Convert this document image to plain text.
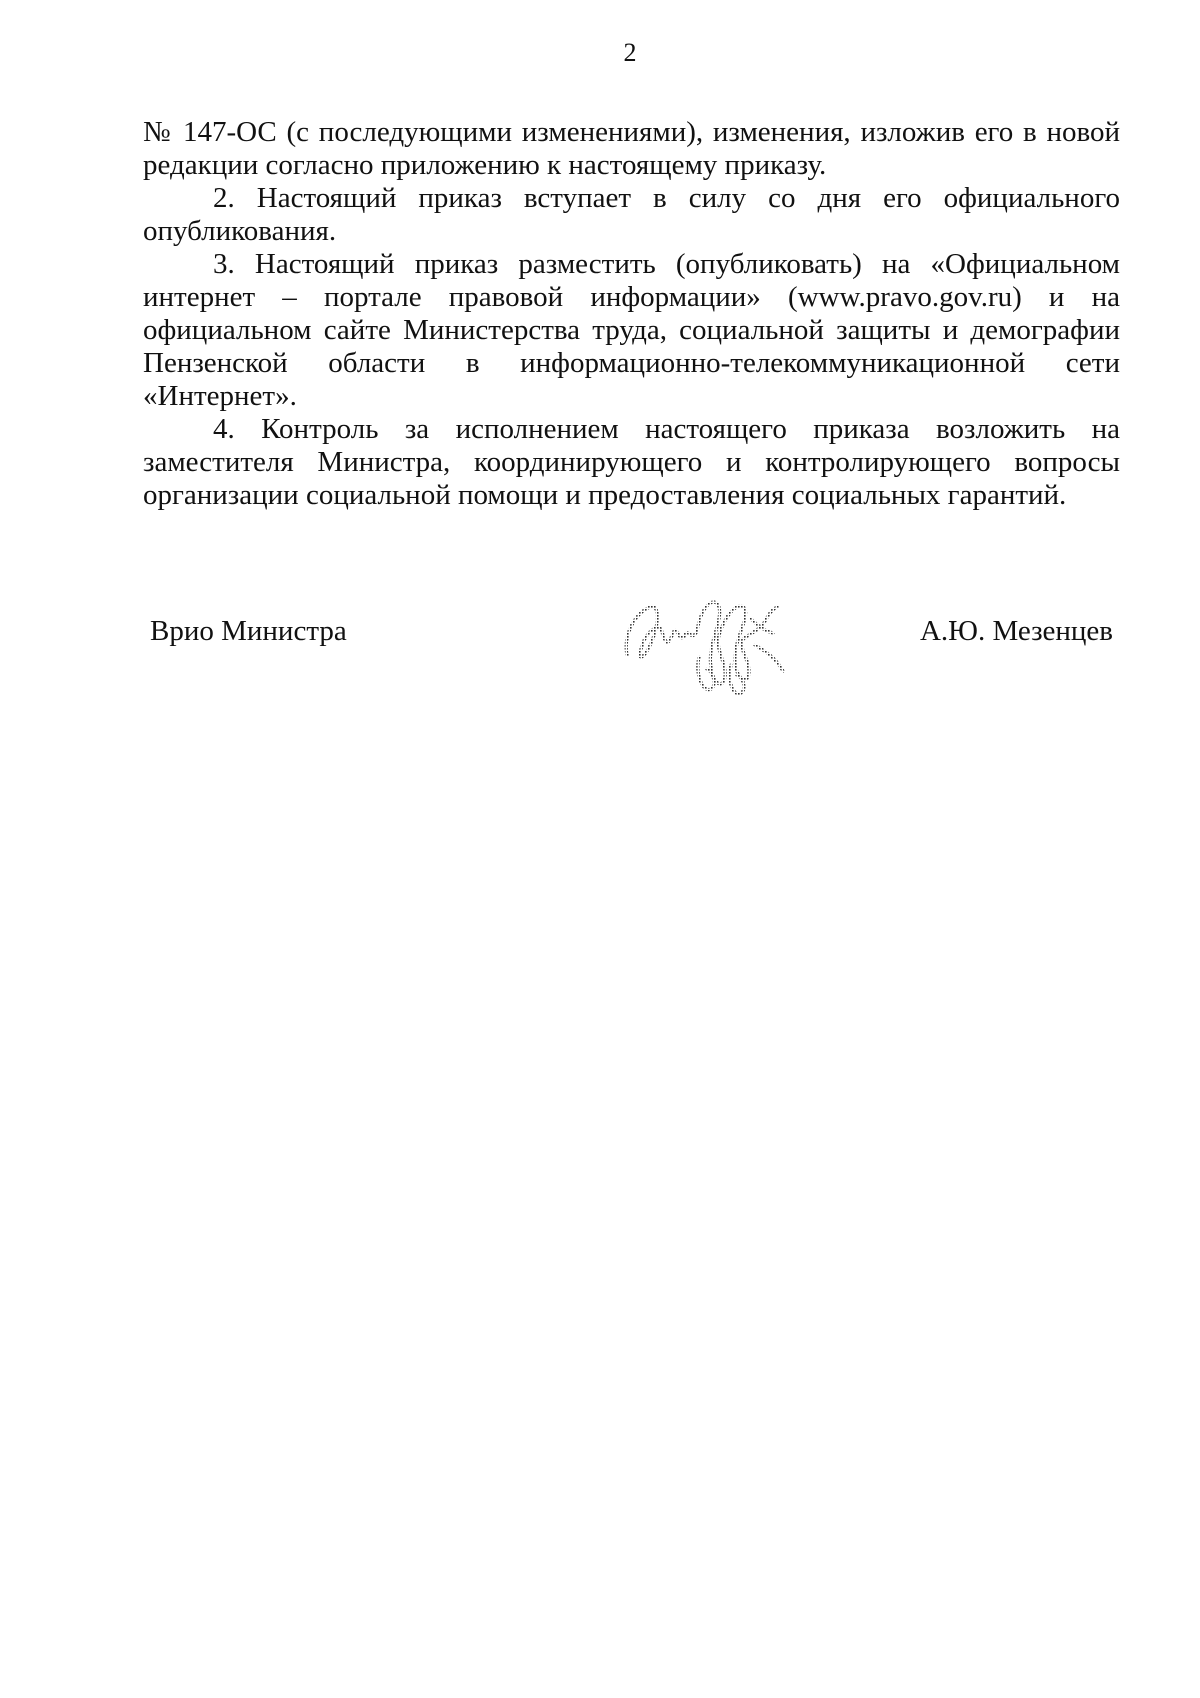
2

№ 147-ОС (с последующими изменениями), изменения, изложив его в новой редакции согласно приложению к настоящему приказу.

2. Настоящий приказ вступает в силу со дня его официального опубликования.

3. Настоящий приказ разместить (опубликовать) на «Официальном интернет – портале правовой информации» (www.pravo.gov.ru) и на официальном сайте Министерства труда, социальной защиты и демографии Пензенской области в информационно-телекоммуникационной сети «Интернет».

4. Контроль за исполнением настоящего приказа возложить на заместителя Министра, координирующего и контролирующего вопросы организации социальной помощи и предоставления социальных гарантий.

Врио Министра	А.Ю. Мезенцев
